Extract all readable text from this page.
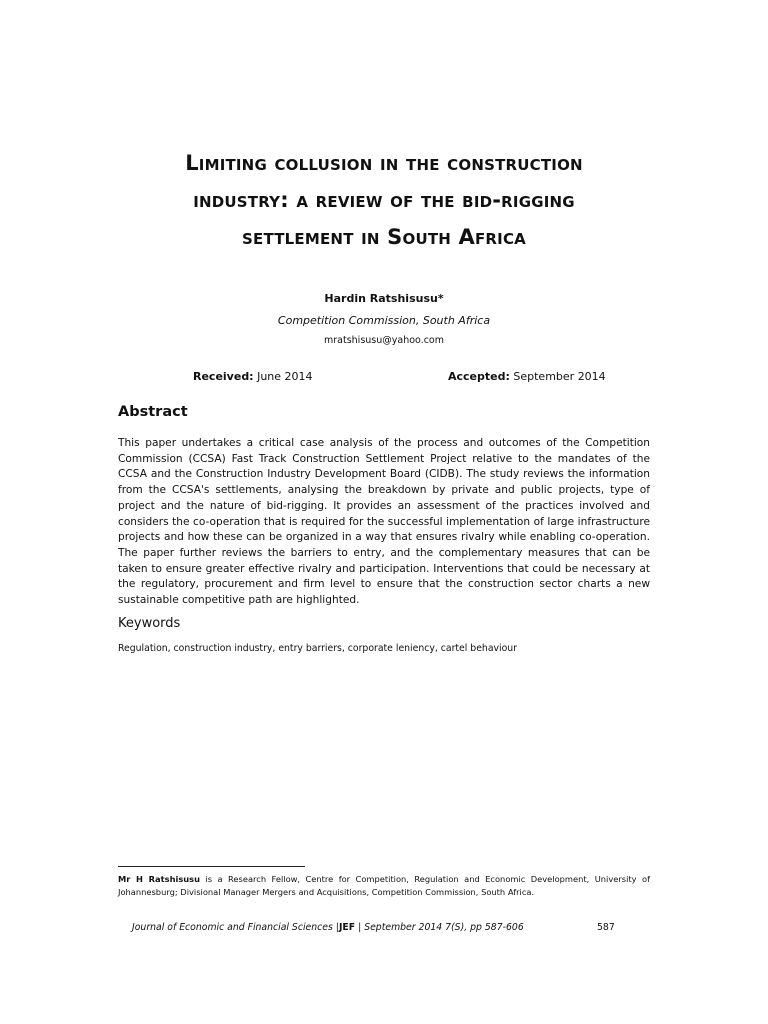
Limiting collusion in the construction
industry: a review of the bid-rigging
settlement in South Africa
Hardin Ratshisusu*
Competition Commission, South Africa
mratshisusu@yahoo.com
Received: June 2014	Accepted: September 2014
Abstract

This paper undertakes a critical case analysis of the process and outcomes of the Competition Commission (CCSA) Fast Track Construction Settlement Project relative to the mandates of the CCSA and the Construction Industry Development Board (CIDB). The study reviews the information from the CCSA's settlements, analysing the breakdown by private and public projects, type of project and the nature of bid-rigging. It provides an assessment of the practices involved and considers the co-operation that is required for the successful implementation of large infrastructure projects and how these can be organized in a way that ensures rivalry while enabling co-operation. The paper further reviews the barriers to entry, and the complementary measures that can be taken to ensure greater effective rivalry and participation. Interventions that could be necessary at the regulatory, procurement and firm level to ensure that the construction sector charts a new sustainable competitive path are highlighted.

Keywords
Regulation, construction industry, entry barriers, corporate leniency, cartel behaviour

Mr H Ratshisusu is a Research Fellow, Centre for Competition, Regulation and Economic Development, University of Johannesburg; Divisional Manager Mergers and Acquisitions, Competition Commission, South Africa.

Journal of Economic and Financial Sciences |JEF | September 2014 7(S), pp 587-606	587
